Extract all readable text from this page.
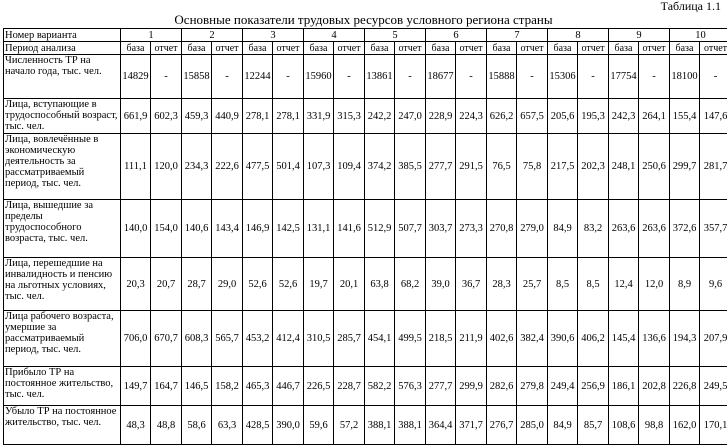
Таблица 1.1
Основные показатели трудовых ресурсов условного региона страны
Номер варианта	1		2		3		4		5		6		7		8		9		10	
Период анализа	база	отчет	база	отчет	база	отчет	база	отчет	база	отчет	база	отчет	база	отчет	база	отчет	база	отчет	база	отчет
Численность ТР на начало года, тыс. чел.	14829	-	15858	-	12244	-	15960	-	13861	-	18677	-	15888	-	15306	-	17754	-	18100	-
Лица, вступающие в трудоспособный возраст, тыс. чел.	661,9	602,3	459,3	440,9	278,1	278,1	331,9	315,3	242,2	247,0	228,9	224,3	626,2	657,5	205,6	195,3	242,3	264,1	155,4	147,6
Лица, вовлечённые в экономическую деятельность за рассматриваемый период, тыс. чел.	111,1	120,0	234,3	222,6	477,5	501,4	107,3	109,4	374,2	385,5	277,7	291,5	76,5	75,8	217,5	202,3	248,1	250,6	299,7	281,7
Лица, вышедшие за пределы трудоспособного возраста, тыс. чел.	140,0	154,0	140,6	143,4	146,9	142,5	131,1	141,6	512,9	507,7	303,7	273,3	270,8	279,0	84,9	83,2	263,6	263,6	372,6	357,7
Лица, перешедшие на инвалидность и пенсию на льготных условиях, тыс. чел.	20,3	20,7	28,7	29,0	52,6	52,6	19,7	20,1	63,8	68,2	39,0	36,7	28,3	25,7	8,5	8,5	12,4	12,0	8,9	9,6
Лица рабочего возраста, умершие за рассматриваемый период, тыс. чел.	706,0	670,7	608,3	565,7	453,2	412,4	310,5	285,7	454,1	499,5	218,5	211,9	402,6	382,4	390,6	406,2	145,4	136,6	194,3	207,9
Прибыло ТР на постоянное жительство, тыс. чел.	149,7	164,7	146,5	158,2	465,3	446,7	226,5	228,7	582,2	576,3	277,7	299,9	282,6	279,8	249,4	256,9	186,1	202,8	226,8	249,5
Убыло ТР на постоянное жительство, тыс. чел.	48,3	48,8	58,6	63,3	428,5	390,0	59,6	57,2	388,1	388,1	364,4	371,7	276,7	285,0	84,9	85,7	108,6	98,8	162,0	170,1
